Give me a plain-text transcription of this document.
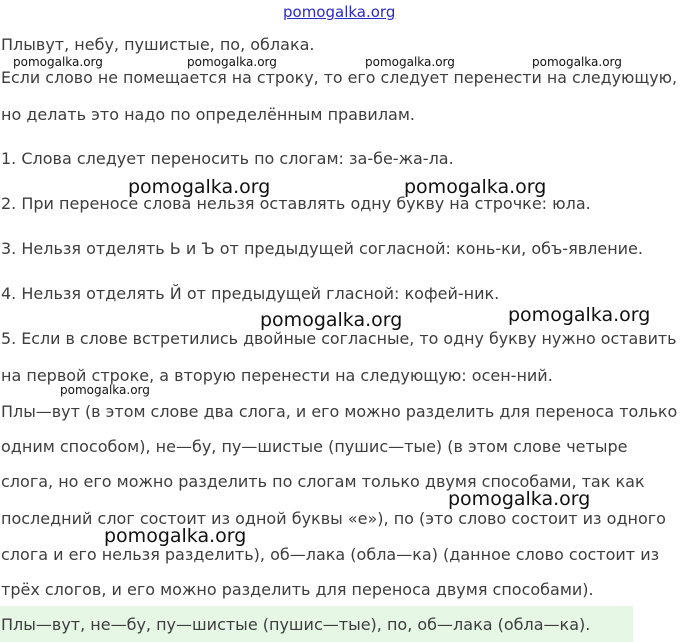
pomogalka.org
Плывут, небу, пушистые, по, облака.
Если слово не помещается на строку, то его следует перенести на следующую,
но делать это надо по определённым правилам.
1. Слова следует переносить по слогам: за-бе-жа-ла.
2. При переносе слова нельзя оставлять одну букву на строчке: юла.
3. Нельзя отделять Ь и Ъ от предыдущей согласной: конь-ки, объ-явление.
4. Нельзя отделять Й от предыдущей гласной: кофей-ник.
5. Если в слове встретились двойные согласные, то одну букву нужно оставить
на первой строке, а вторую перенести на следующую: осен-ний.
Плы—вут (в этом слове два слога, и его можно разделить для переноса только
одним способом), не—бу, пу—шистые (пушис—тые) (в этом слове четыре
слога, но его можно разделить по слогам только двумя способами, так как
последний слог состоит из одной буквы «е»), по (это слово состоит из одного
слога и его нельзя разделить), об—лака (обла—ка) (данное слово состоит из
трёх слогов, и его можно разделить для переноса двумя способами).
Плы—вут, не—бу, пу—шистые (пушис—тые), по, об—лака (обла—ка).
pomogalka.org	pomogalka.org	pomogalka.org	pomogalka.org
pomogalka.org
pomogalka.org	pomogalka.org
pomogalka.org	pomogalka.org
pomogalka.org
pomogalka.org
